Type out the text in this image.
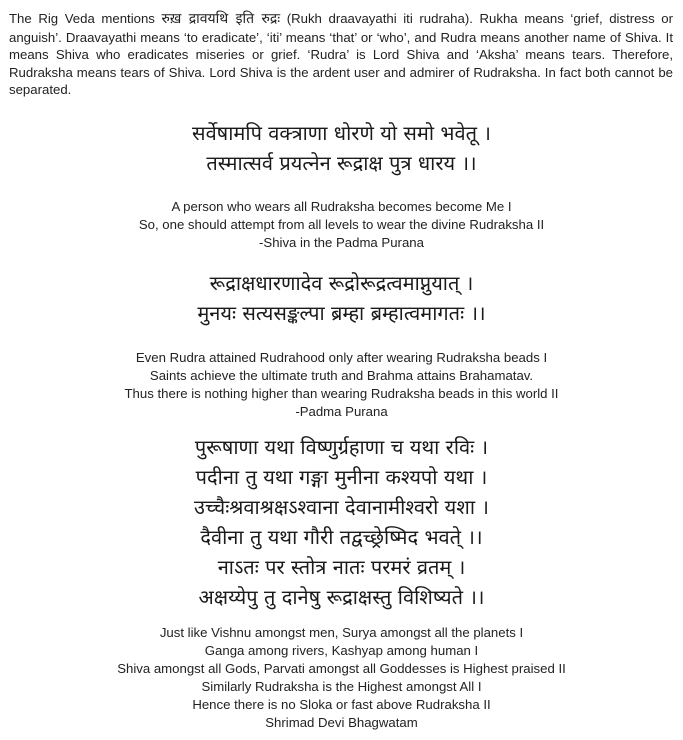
The Rig Veda mentions रुख़ द्रावयथि इति रुद्रः (Rukh draavayathi iti rudraha). Rukha means ‘grief, distress or anguish’. Draavayathi means ‘to eradicate’, ‘iti’ means ‘that’ or ‘who’, and Rudra means another name of Shiva. It means Shiva who eradicates miseries or grief. ‘Rudra’ is Lord Shiva and ‘Aksha’ means tears. Therefore, Rudraksha means tears of Shiva. Lord Shiva is the ardent user and admirer of Rudraksha. In fact both cannot be separated.
सर्वेषामपि वक्त्राणा धोरणे यो समो भवेतू ।
तस्मात्सर्व प्रयत्नेन रूद्राक्ष पुत्र धारय ।।
A person who wears all Rudraksha becomes become Me I
So, one should attempt from all levels to wear the divine Rudraksha II
-Shiva in the Padma Purana
रूद्राक्षधारणादेव रूद्रोरूद्रत्वमाप्नुयात् ।
मुनयः सत्यसङ्कल्पा ब्रम्हा ब्रम्हात्वमागतः ।।
Even Rudra attained Rudrahood only after wearing Rudraksha beads I
Saints achieve the ultimate truth and Brahma attains Brahamatav.
Thus there is nothing higher than wearing Rudraksha beads in this world II
-Padma Purana
पुरूषाणा यथा विष्णुर्ग्रहाणा च यथा रविः ।
पदीना तु यथा गङ्गा मुनीना कश्यपो यथा ।
उच्चैःश्रवाश्रक्षऽश्वाना देवानामीश्वरो यशा ।
दैवीना तु यथा गौरी तद्वच्छ्रेष्मिद भवते् ।।
नाऽतः पर स्तोत्र नातः परमरं व्रतम् ।
अक्षय्येपु तु दानेषु रूद्राक्षस्तु विशिष्यते ।।
Just like Vishnu amongst men, Surya amongst all the planets I
Ganga among rivers, Kashyap among human I
Shiva amongst all Gods, Parvati amongst all Goddesses is Highest praised II
Similarly Rudraksha is the Highest amongst All I
Hence there is no Sloka or fast above Rudraksha II
Shrimad Devi Bhagwatam
